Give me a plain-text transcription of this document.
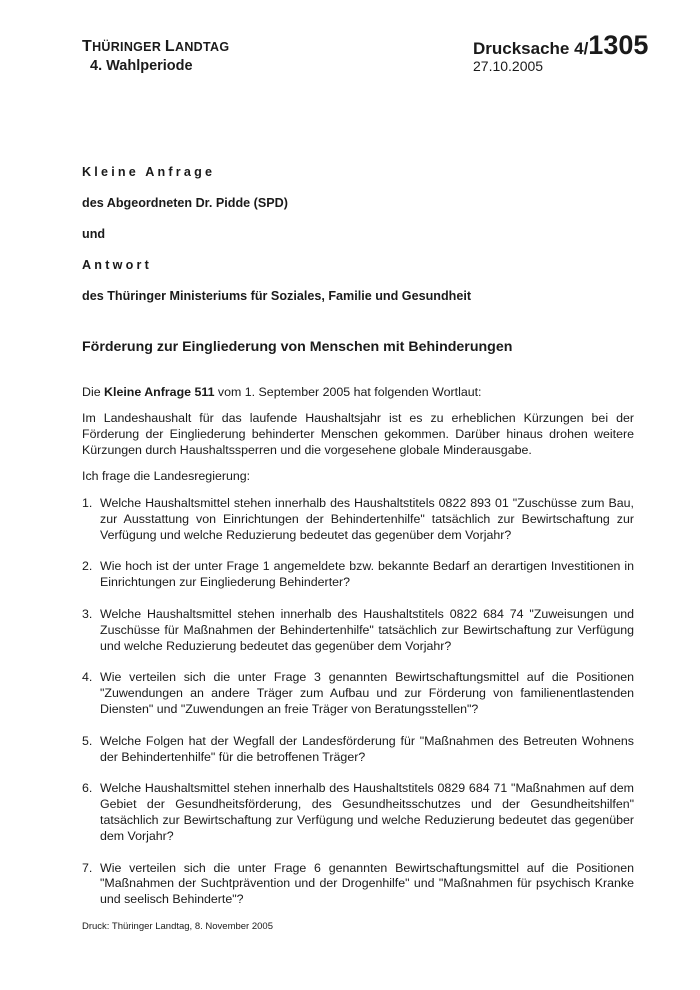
THÜRINGER LANDTAG
4. Wahlperiode
Drucksache 4/1305
27.10.2005
Kleine Anfrage
des Abgeordneten Dr. Pidde (SPD)
und
Antwort
des Thüringer Ministeriums für Soziales, Familie und Gesundheit
Förderung zur Eingliederung von Menschen mit Behinderungen
Die Kleine Anfrage 511 vom 1. September 2005 hat folgenden Wortlaut:

Im Landeshaushalt für das laufende Haushaltsjahr ist es zu erheblichen Kürzungen bei der Förderung der Eingliederung behinderter Menschen gekommen. Darüber hinaus drohen weitere Kürzungen durch Haushaltssperren und die vorgesehene globale Minderausgabe.

Ich frage die Landesregierung:
1. Welche Haushaltsmittel stehen innerhalb des Haushaltstitels 0822 893 01 "Zuschüsse zum Bau, zur Ausstattung von Einrichtungen der Behindertenhilfe" tatsächlich zur Bewirtschaftung zur Verfügung und welche Reduzierung bedeutet das gegenüber dem Vorjahr?
2. Wie hoch ist der unter Frage 1 angemeldete bzw. bekannte Bedarf an derartigen Investitionen in Einrichtungen zur Eingliederung Behinderter?
3. Welche Haushaltsmittel stehen innerhalb des Haushaltstitels 0822 684 74 "Zuweisungen und Zuschüsse für Maßnahmen der Behindertenhilfe" tatsächlich zur Bewirtschaftung zur Verfügung und welche Reduzierung bedeutet das gegenüber dem Vorjahr?
4. Wie verteilen sich die unter Frage 3 genannten Bewirtschaftungsmittel auf die Positionen "Zuwendungen an andere Träger zum Aufbau und zur Förderung von familienentlastenden Diensten" und "Zuwendungen an freie Träger von Beratungsstellen"?
5. Welche Folgen hat der Wegfall der Landesförderung für "Maßnahmen des Betreuten Wohnens der Behindertenhilfe" für die betroffenen Träger?
6. Welche Haushaltsmittel stehen innerhalb des Haushaltstitels 0829 684 71 "Maßnahmen auf dem Gebiet der Gesundheitsförderung, des Gesundheitsschutzes und der Gesundheitshilfen" tatsächlich zur Bewirtschaftung zur Verfügung und welche Reduzierung bedeutet das gegenüber dem Vorjahr?
7. Wie verteilen sich die unter Frage 6 genannten Bewirtschaftungsmittel auf die Positionen "Maßnahmen der Suchtprävention und der Drogenhilfe" und "Maßnahmen für psychisch Kranke und seelisch Behinderte"?
Druck: Thüringer Landtag, 8. November 2005
